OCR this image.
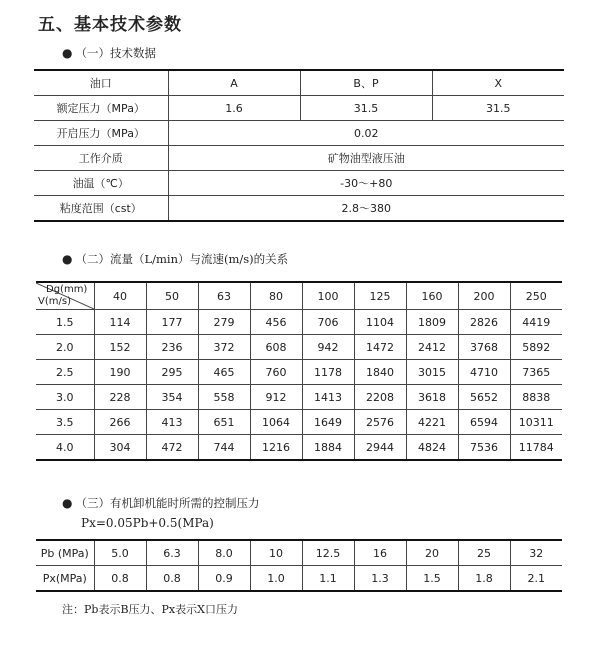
五、基本技术参数
● （一）技术数据
油口	A	B、P	X
额定压力（MPa）	1.6	31.5	31.5
开启压力（MPa）	0.02		
工作介质	矿物油型液压油		
油温（℃）	-30～+80		
粘度范围（cst）	2.8～380		
● （二）流量（L/min）与流速(m/s)的关系
Dg(mm)
V(m/s)	40	50	63	80	100	125	160	200	250
1.5	114	177	279	456	706	1104	1809	2826	4419
2.0	152	236	372	608	942	1472	2412	3768	5892
2.5	190	295	465	760	1178	1840	3015	4710	7365
3.0	228	354	558	912	1413	2208	3618	5652	8838
3.5	266	413	651	1064	1649	2576	4221	6594	10311
4.0	304	472	744	1216	1884	2944	4824	7536	11784
● （三）有机卸机能时所需的控制压力
Px=0.05Pb+0.5(MPa)
Pb (MPa)	5.0	6.3	8.0	10	12.5	16	20	25	32
Px(MPa)	0.8	0.8	0.9	1.0	1.1	1.3	1.5	1.8	2.1
注：Pb表示B压力、Px表示X口压力
